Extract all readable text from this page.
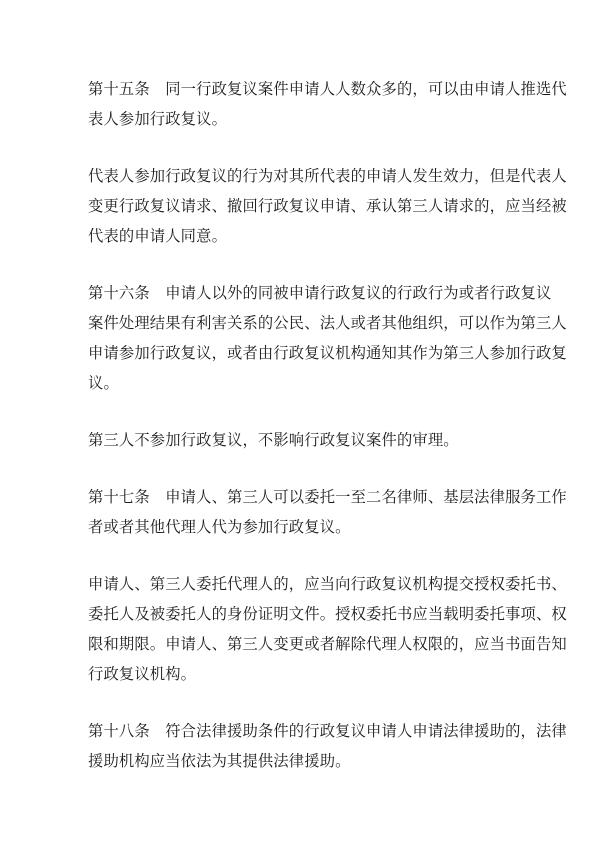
第十五条　同一行政复议案件申请人人数众多的，可以由申请人推选代
表人参加行政复议。

代表人参加行政复议的行为对其所代表的申请人发生效力，但是代表人
变更行政复议请求、撤回行政复议申请、承认第三人请求的，应当经被
代表的申请人同意。

第十六条　申请人以外的同被申请行政复议的行政行为或者行政复议
案件处理结果有利害关系的公民、法人或者其他组织，可以作为第三人
申请参加行政复议，或者由行政复议机构通知其作为第三人参加行政复
议。

第三人不参加行政复议，不影响行政复议案件的审理。

第十七条　申请人、第三人可以委托一至二名律师、基层法律服务工作
者或者其他代理人代为参加行政复议。

申请人、第三人委托代理人的，应当向行政复议机构提交授权委托书、
委托人及被委托人的身份证明文件。授权委托书应当载明委托事项、权
限和期限。申请人、第三人变更或者解除代理人权限的，应当书面告知
行政复议机构。

第十八条　符合法律援助条件的行政复议申请人申请法律援助的，法律
援助机构应当依法为其提供法律援助。
